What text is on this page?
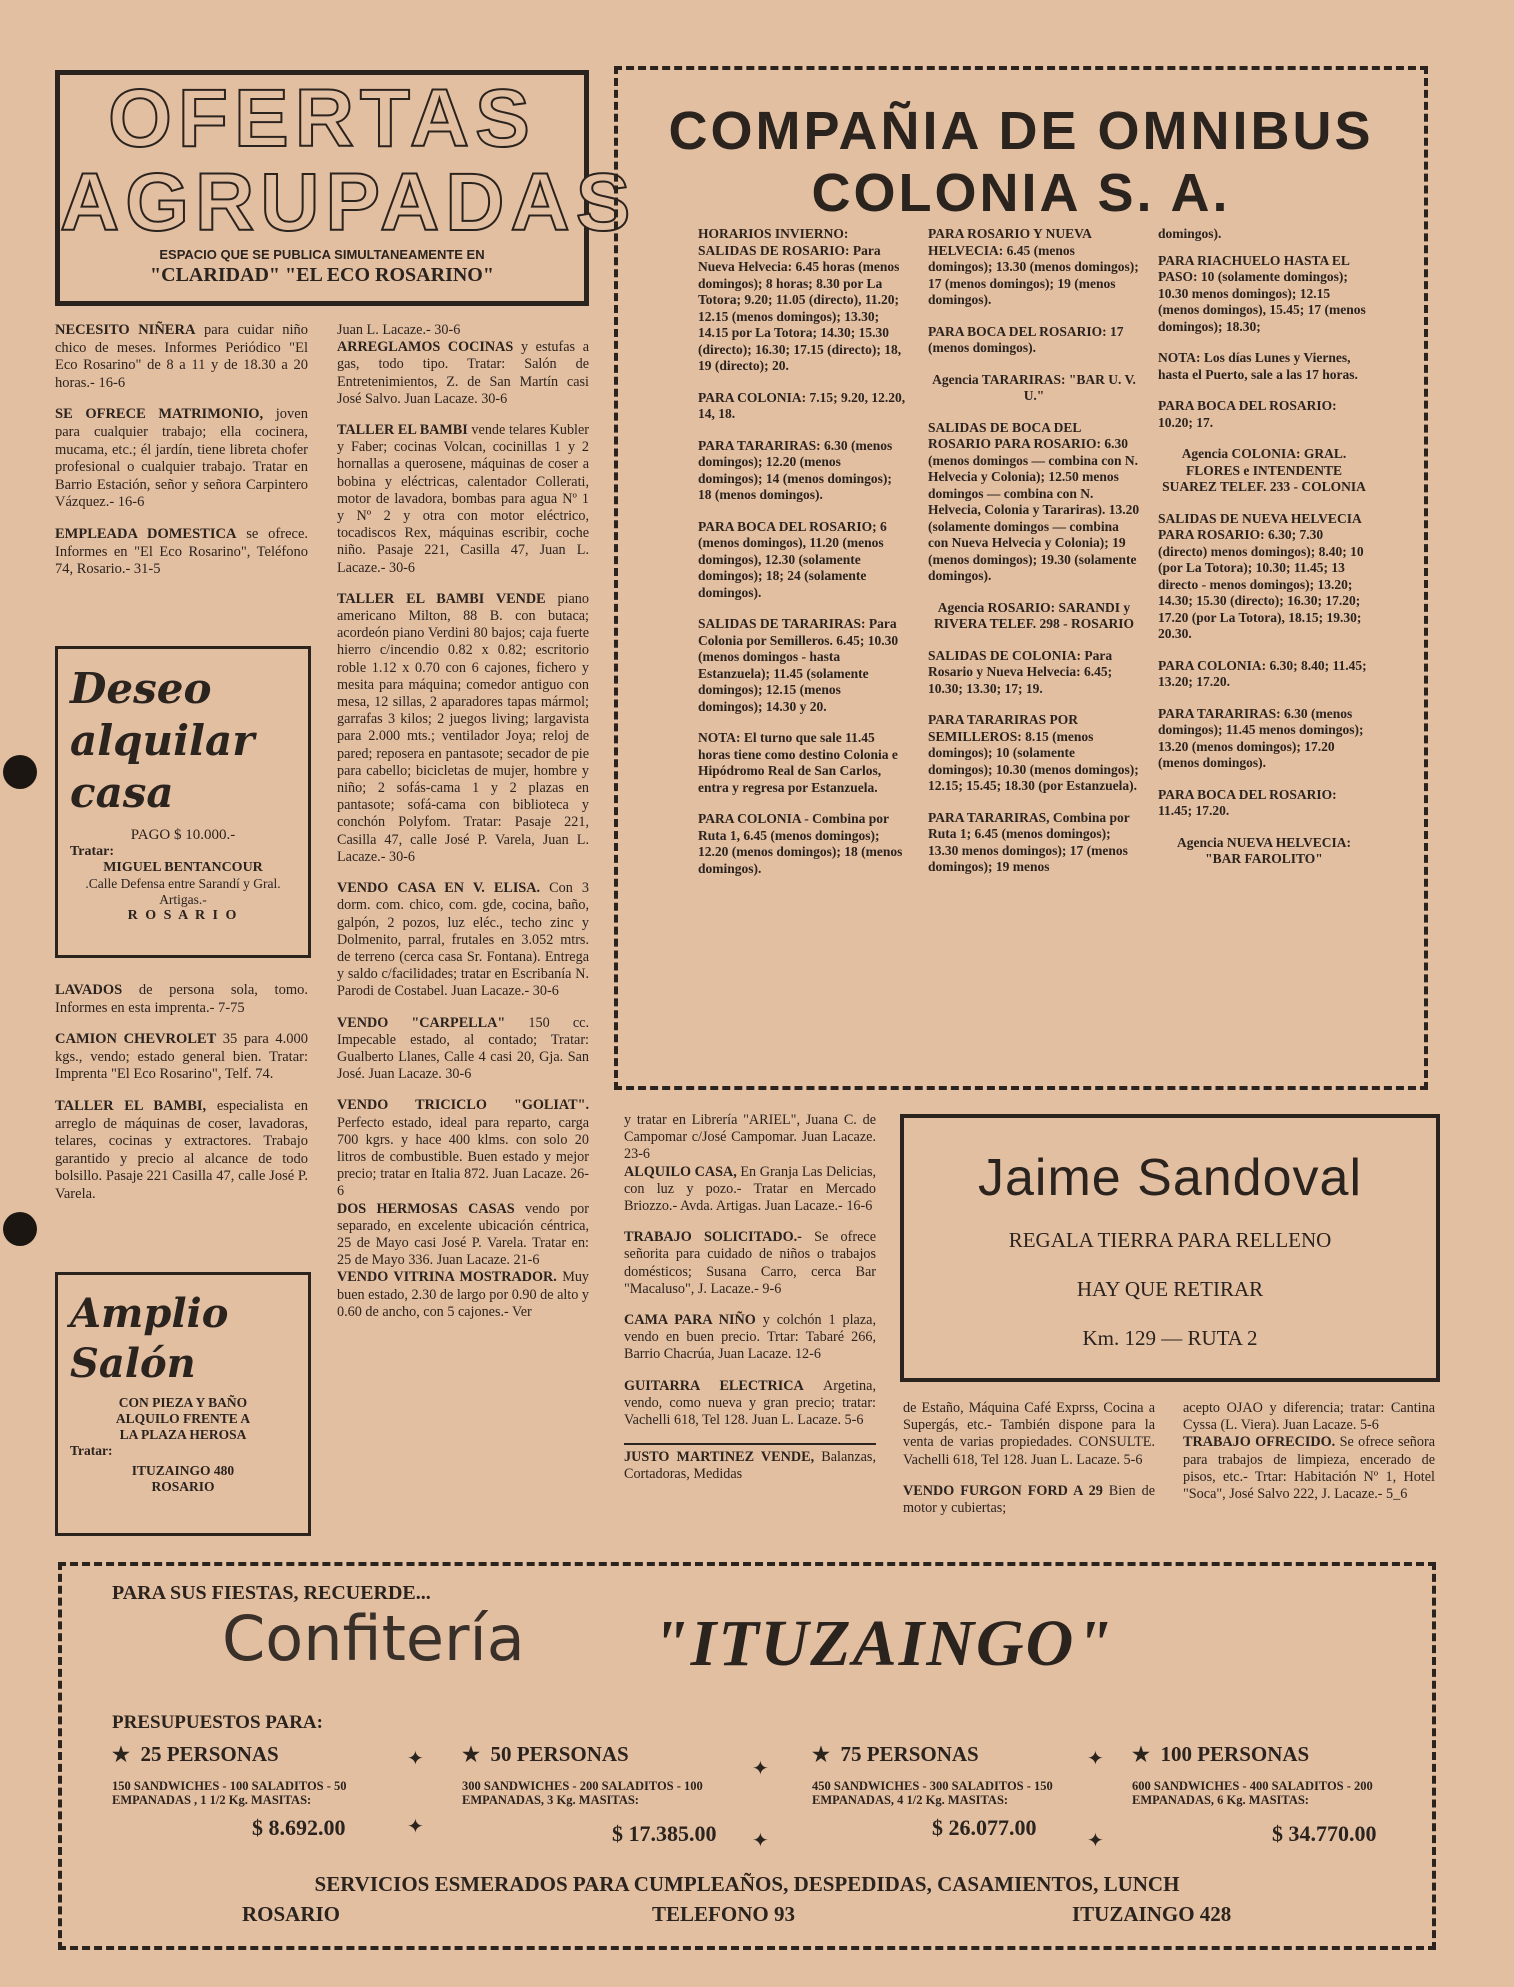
OFERTAS
AGRUPADAS
ESPACIO QUE SE PUBLICA SIMULTANEAMENTE EN
"CLARIDAD" "EL ECO ROSARINO"

NECESITO NIÑERA para cuidar niño chico de meses. Informes Periódico "El Eco Rosarino" de 8 a 11 y de 18.30 a 20 horas.- 16-6

SE OFRECE MATRIMONIO, joven para cualquier trabajo; ella cocinera, mucama, etc.; él jardín, tiene libreta chofer profesional o cualquier trabajo. Tratar en Barrio Estación, señor y señora Carpintero Vázquez.- 16-6

EMPLEADA DOMESTICA se ofrece. Informes en "El Eco Rosarino", Teléfono 74, Rosario.- 31-5

Deseo
alquilar
casa
PAGO $ 10.000.-
Tratar:
MIGUEL BENTANCOUR
.Calle Defensa entre Sarandí y Gral. Artigas.-
R O S A R I O

LAVADOS de persona sola, tomo. Informes en esta imprenta.- 7-75

CAMION CHEVROLET 35 para 4.000 kgs., vendo; estado general bien. Tratar: Imprenta "El Eco Rosarino", Telf. 74.

TALLER EL BAMBI, especialista en arreglo de máquinas de coser, lavadoras, telares, cocinas y extractores. Trabajo garantido y precio al alcance de todo bolsillo. Pasaje 221 Casilla 47, calle José P. Varela.

Amplio
Salón
CON PIEZA Y BAÑO
ALQUILO FRENTE A
LA PLAZA HEROSA
Tratar:
ITUZAINGO 480
ROSARIO

Juan L. Lacaze.- 30-6

ARREGLAMOS COCINAS y estufas a gas, todo tipo. Tratar: Salón de Entretenimientos, Z. de San Martín casi José Salvo. Juan Lacaze. 30-6

TALLER EL BAMBI vende telares Kubler y Faber; cocinas Volcan, cocinillas 1 y 2 hornallas a querosene, máquinas de coser a bobina y eléctricas, calentador Collerati, motor de lavadora, bombas para agua Nº 1 y Nº 2 y otra con motor eléctrico, tocadiscos Rex, máquinas escribir, coche niño. Pasaje 221, Casilla 47, Juan L. Lacaze.- 30-6

TALLER EL BAMBI VENDE piano americano Milton, 88 B. con butaca; acordeón piano Verdini 80 bajos; caja fuerte hierro c/incendio 0.82 x 0.82; escritorio roble 1.12 x 0.70 con 6 cajones, fichero y mesita para máquina; comedor antiguo con mesa, 12 sillas, 2 aparadores tapas mármol; garrafas 3 kilos; 2 juegos living; largavista para 2.000 mts.; ventilador Joya; reloj de pared; reposera en pantasote; secador de pie para cabello; bicicletas de mujer, hombre y niño; 2 sofás-cama 1 y 2 plazas en pantasote; sofá-cama con biblioteca y conchón Polyfom. Tratar: Pasaje 221, Casilla 47, calle José P. Varela, Juan L. Lacaze.- 30-6

VENDO CASA EN V. ELISA. Con 3 dorm. com. chico, com. gde, cocina, baño, galpón, 2 pozos, luz eléc., techo zinc y Dolmenito, parral, frutales en 3.052 mtrs. de terreno (cerca casa Sr. Fontana). Entrega y saldo c/facilidades; tratar en Escribanía N. Parodi de Costabel. Juan Lacaze.- 30-6

VENDO "CARPELLA" 150 cc. Impecable estado, al contado; Tratar: Gualberto Llanes, Calle 4 casi 20, Gja. San José. Juan Lacaze. 30-6

VENDO TRICICLO "GOLIAT". Perfecto estado, ideal para reparto, carga 700 kgrs. y hace 400 klms. con solo 20 litros de combustible. Buen estado y mejor precio; tratar en Italia 872. Juan Lacaze. 26-6

DOS HERMOSAS CASAS vendo por separado, en excelente ubicación céntrica, 25 de Mayo casi José P. Varela. Tratar en: 25 de Mayo 336. Juan Lacaze. 21-6

VENDO VITRINA MOSTRADOR. Muy buen estado, 2.30 de largo por 0.90 de alto y 0.60 de ancho, con 5 cajones.- Ver

COMPAÑIA DE OMNIBUS
COLONIA S. A.

HORARIOS INVIERNO: SALIDAS DE ROSARIO: Para Nueva Helvecia: 6.45 horas (menos domingos); 8 horas; 8.30 por La Totora; 9.20; 11.05 (directo), 11.20; 12.15 (menos domingos); 13.30; 14.15 por La Totora; 14.30; 15.30 (directo); 16.30; 17.15 (directo); 18, 19 (directo); 20.

PARA COLONIA: 7.15; 9.20, 12.20, 14, 18.

PARA TARARIRAS: 6.30 (menos domingos); 12.20 (menos domingos); 14 (menos domingos); 18 (menos domingos).

PARA BOCA DEL ROSARIO; 6 (menos domingos), 11.20 (menos domingos), 12.30 (solamente domingos); 18; 24 (solamente domingos).

SALIDAS DE TARARIRAS: Para Colonia por Semilleros. 6.45; 10.30 (menos domingos - hasta Estanzuela); 11.45 (solamente domingos); 12.15 (menos domingos); 14.30 y 20.

NOTA: El turno que sale 11.45 horas tiene como destino Colonia e Hipódromo Real de San Carlos, entra y regresa por Estanzuela.

PARA COLONIA - Combina por Ruta 1, 6.45 (menos domingos); 12.20 (menos domingos); 18 (menos domingos).

PARA ROSARIO Y NUEVA HELVECIA: 6.45 (menos domingos); 13.30 (menos domingos); 17 (menos domingos); 19 (menos domingos).

PARA BOCA DEL ROSARIO: 17 (menos domingos).

Agencia TARARIRAS: "BAR U. V. U."

SALIDAS DE BOCA DEL ROSARIO PARA ROSARIO: 6.30 (menos domingos — combina con N. Helvecia y Colonia); 12.50 menos domingos — combina con N. Helvecia, Colonia y Tarariras). 13.20 (solamente domingos — combina con Nueva Helvecia y Colonia); 19 (menos domingos); 19.30 (solamente domingos).

Agencia ROSARIO: SARANDI y RIVERA TELEF. 298 - ROSARIO

SALIDAS DE COLONIA: Para Rosario y Nueva Helvecia: 6.45; 10.30; 13.30; 17; 19.

PARA TARARIRAS POR SEMILLEROS: 8.15 (menos domingos); 10 (solamente domingos); 10.30 (menos domingos); 12.15; 15.45; 18.30 (por Estanzuela).

PARA TARARIRAS, Combina por Ruta 1; 6.45 (menos domingos); 13.30 menos domingos); 17 (menos domingos); 19 menos

domingos).

PARA RIACHUELO HASTA EL PASO: 10 (solamente domingos); 10.30 menos domingos); 12.15 (menos domingos), 15.45; 17 (menos domingos); 18.30;

NOTA: Los días Lunes y Viernes, hasta el Puerto, sale a las 17 horas.

PARA BOCA DEL ROSARIO: 10.20; 17.

Agencia COLONIA: GRAL. FLORES e INTENDENTE SUAREZ TELEF. 233 - COLONIA

SALIDAS DE NUEVA HELVECIA PARA ROSARIO: 6.30; 7.30 (directo) menos domingos); 8.40; 10 (por La Totora); 10.30; 11.45; 13 directo - menos domingos); 13.20; 14.30; 15.30 (directo); 16.30; 17.20; 17.20 (por La Totora), 18.15; 19.30; 20.30.

PARA COLONIA: 6.30; 8.40; 11.45; 13.20; 17.20.

PARA TARARIRAS: 6.30 (menos domingos); 11.45 menos domingos); 13.20 (menos domingos); 17.20 (menos domingos).

PARA BOCA DEL ROSARIO: 11.45; 17.20.

Agencia NUEVA HELVECIA: "BAR FAROLITO"

y tratar en Librería "ARIEL", Juana C. de Campomar c/José Campomar. Juan Lacaze. 23-6

ALQUILO CASA, En Granja Las Delicias, con luz y pozo.- Tratar en Mercado Briozzo.- Avda. Artigas. Juan Lacaze.- 16-6

TRABAJO SOLICITADO.- Se ofrece señorita para cuidado de niños o trabajos domésticos; Susana Carro, cerca Bar "Macaluso", J. Lacaze.- 9-6

CAMA PARA NIÑO y colchón 1 plaza, vendo en buen precio. Trtar: Tabaré 266, Barrio Chacrúa, Juan Lacaze. 12-6

GUITARRA ELECTRICA Argetina, vendo, como nueva y gran precio; tratar: Vachelli 618, Tel 128. Juan L. Lacaze. 5-6

JUSTO MARTINEZ VENDE, Balanzas, Cortadoras, Medidas

Jaime Sandoval
REGALA TIERRA PARA RELLENO
HAY QUE RETIRAR
Km. 129 — RUTA 2

de Estaño, Máquina Café Exprss, Cocina a Supergás, etc.- También dispone para la venta de varias propiedades. CONSULTE. Vachelli 618, Tel 128. Juan L. Lacaze. 5-6

VENDO FURGON FORD A 29 Bien de motor y cubiertas;

acepto OJAO y diferencia; tratar: Cantina Cyssa (L. Viera). Juan Lacaze. 5-6

TRABAJO OFRECIDO. Se ofrece señora para trabajos de limpieza, encerado de pisos, etc.- Trtar: Habitación Nº 1, Hotel "Soca", José Salvo 222, J. Lacaze.- 5_6

PARA SUS FIESTAS, RECUERDE...
Confitería "ITUZAINGO"
PRESUPUESTOS PARA:
★ 25 PERSONAS
150 SANDWICHES - 100 SALADITOS - 50 EMPANADAS , 1 1/2 Kg. MASITAS:
$ 8.692.00
★ 50 PERSONAS
300 SANDWICHES - 200 SALADITOS - 100 EMPANADAS, 3 Kg. MASITAS:
$ 17.385.00
★ 75 PERSONAS
450 SANDWICHES - 300 SALADITOS - 150 EMPANADAS, 4 1/2 Kg. MASITAS:
$ 26.077.00
★ 100 PERSONAS
600 SANDWICHES - 400 SALADITOS - 200 EMPANADAS, 6 Kg. MASITAS:
$ 34.770.00
✦
✦
✦
✦
✦
✦
SERVICIOS ESMERADOS PARA CUMPLEAÑOS, DESPEDIDAS, CASAMIENTOS, LUNCH
ROSARIO	TELEFONO 93	ITUZAINGO 428
